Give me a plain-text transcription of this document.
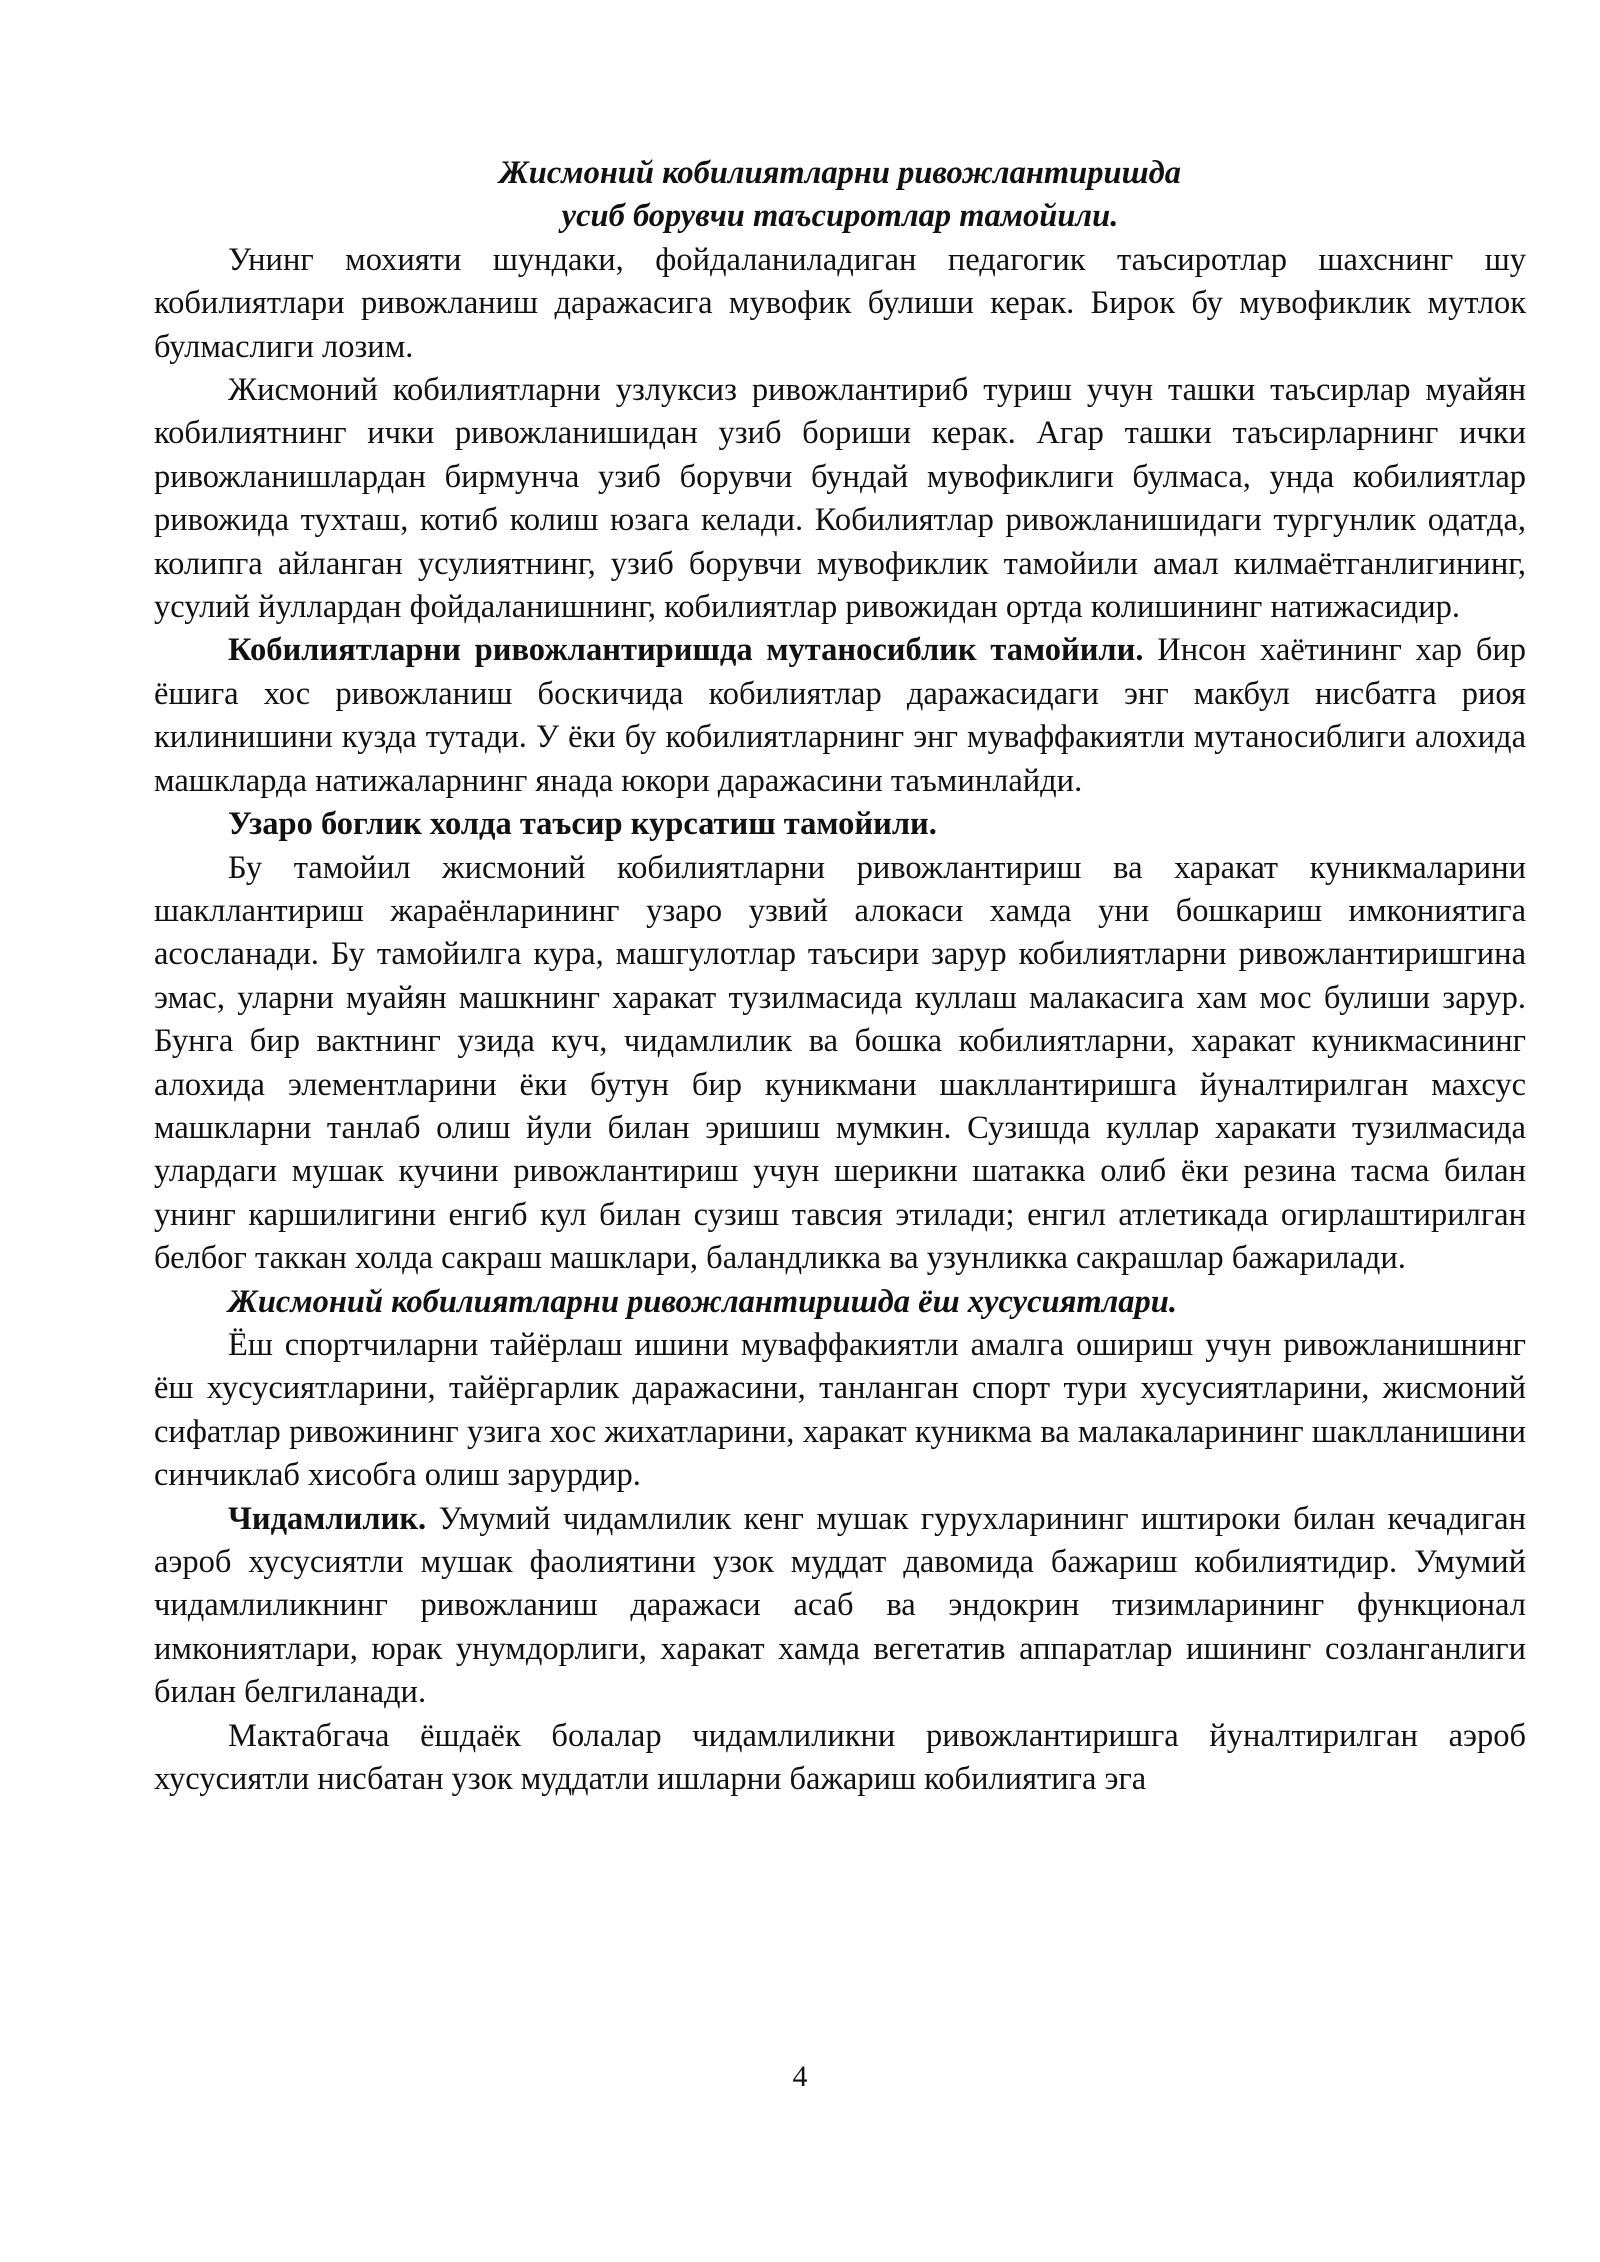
Жисмоний кобилиятларни ривожлантиришда
усиб борувчи таъсиротлар тамойили.

Унинг мохияти шундаки, фойдаланиладиган педагогик таъсиротлар шахснинг шу кобилиятлари ривожланиш даражасига мувофик булиши керак. Бирок бу мувофиклик мутлок булмаслиги лозим.

Жисмоний кобилиятларни узлуксиз ривожлантириб туриш учун ташки таъсирлар муайян кобилиятнинг ички ривожланишидан узиб бориши керак. Агар ташки таъсирларнинг ички ривожланишлардан бирмунча узиб борувчи бундай мувофиклиги булмаса, унда кобилиятлар ривожида тухташ, котиб колиш юзага келади. Кобилиятлар ривожланишидаги тургунлик одатда, колипга айланган усулиятнинг, узиб борувчи мувофиклик тамойили амал килмаётганлигининг, усулий йуллардан фойдаланишнинг, кобилиятлар ривожидан ортда колишининг натижасидир.

Кобилиятларни ривожлантиришда мутаносиблик тамойили. Инсон хаётининг хар бир ёшига хос ривожланиш боскичида кобилиятлар даражасидаги энг макбул нисбатга риоя килинишини кузда тутади. У ёки бу кобилиятларнинг энг муваффакиятли мутаносиблиги алохида машкларда натижаларнинг янада юкори даражасини таъминлайди.

Узаро боглик холда таъсир курсатиш тамойили.

Бу тамойил жисмоний кобилиятларни ривожлантириш ва харакат куникмаларини шакллантириш жараёнларининг узаро узвий алокаси хамда уни бошкариш имкониятига асосланади. Бу тамойилга кура, машгулотлар таъсири зарур кобилиятларни ривожлантиришгина эмас, уларни муайян машкнинг харакат тузилмасида куллаш малакасига хам мос булиши зарур. Бунга бир вактнинг узида куч, чидамлилик ва бошка кобилиятларни, харакат куникмасининг алохида элементларини ёки бутун бир куникмани шакллантиришга йуналтирилган махсус машкларни танлаб олиш йули билан эришиш мумкин. Сузишда куллар харакати тузилмасида улардаги мушак кучини ривожлантириш учун шерикни шатакка олиб ёки резина тасма билан унинг каршилигини енгиб кул билан сузиш тавсия этилади; енгил атлетикада огирлаштирилган белбог таккан холда сакраш машклари, баландликка ва узунликка сакрашлар бажарилади.

Жисмоний кобилиятларни ривожлантиришда ёш хусусиятлари.

Ёш спортчиларни тайёрлаш ишини муваффакиятли амалга ошириш учун ривожланишнинг ёш хусусиятларини, тайёргарлик даражасини, танланган спорт тури хусусиятларини, жисмоний сифатлар ривожининг узига хос жихатларини, харакат куникма ва малакаларининг шаклланишини синчиклаб хисобга олиш зарурдир.

Чидамлилик. Умумий чидамлилик кенг мушак гурухларининг иштироки билан кечадиган аэроб хусусиятли мушак фаолиятини узок муддат давомида бажариш кобилиятидир. Умумий чидамлиликнинг ривожланиш даражаси асаб ва эндокрин тизимларининг функционал имкониятлари, юрак унумдорлиги, харакат хамда вегетатив аппаратлар ишининг созланганлиги билан белгиланади.

Мактабгача ёшдаёк болалар чидамлиликни ривожлантиришга йуналтирилган аэроб хусусиятли нисбатан узок муддатли ишларни бажариш кобилиятига эга

4
